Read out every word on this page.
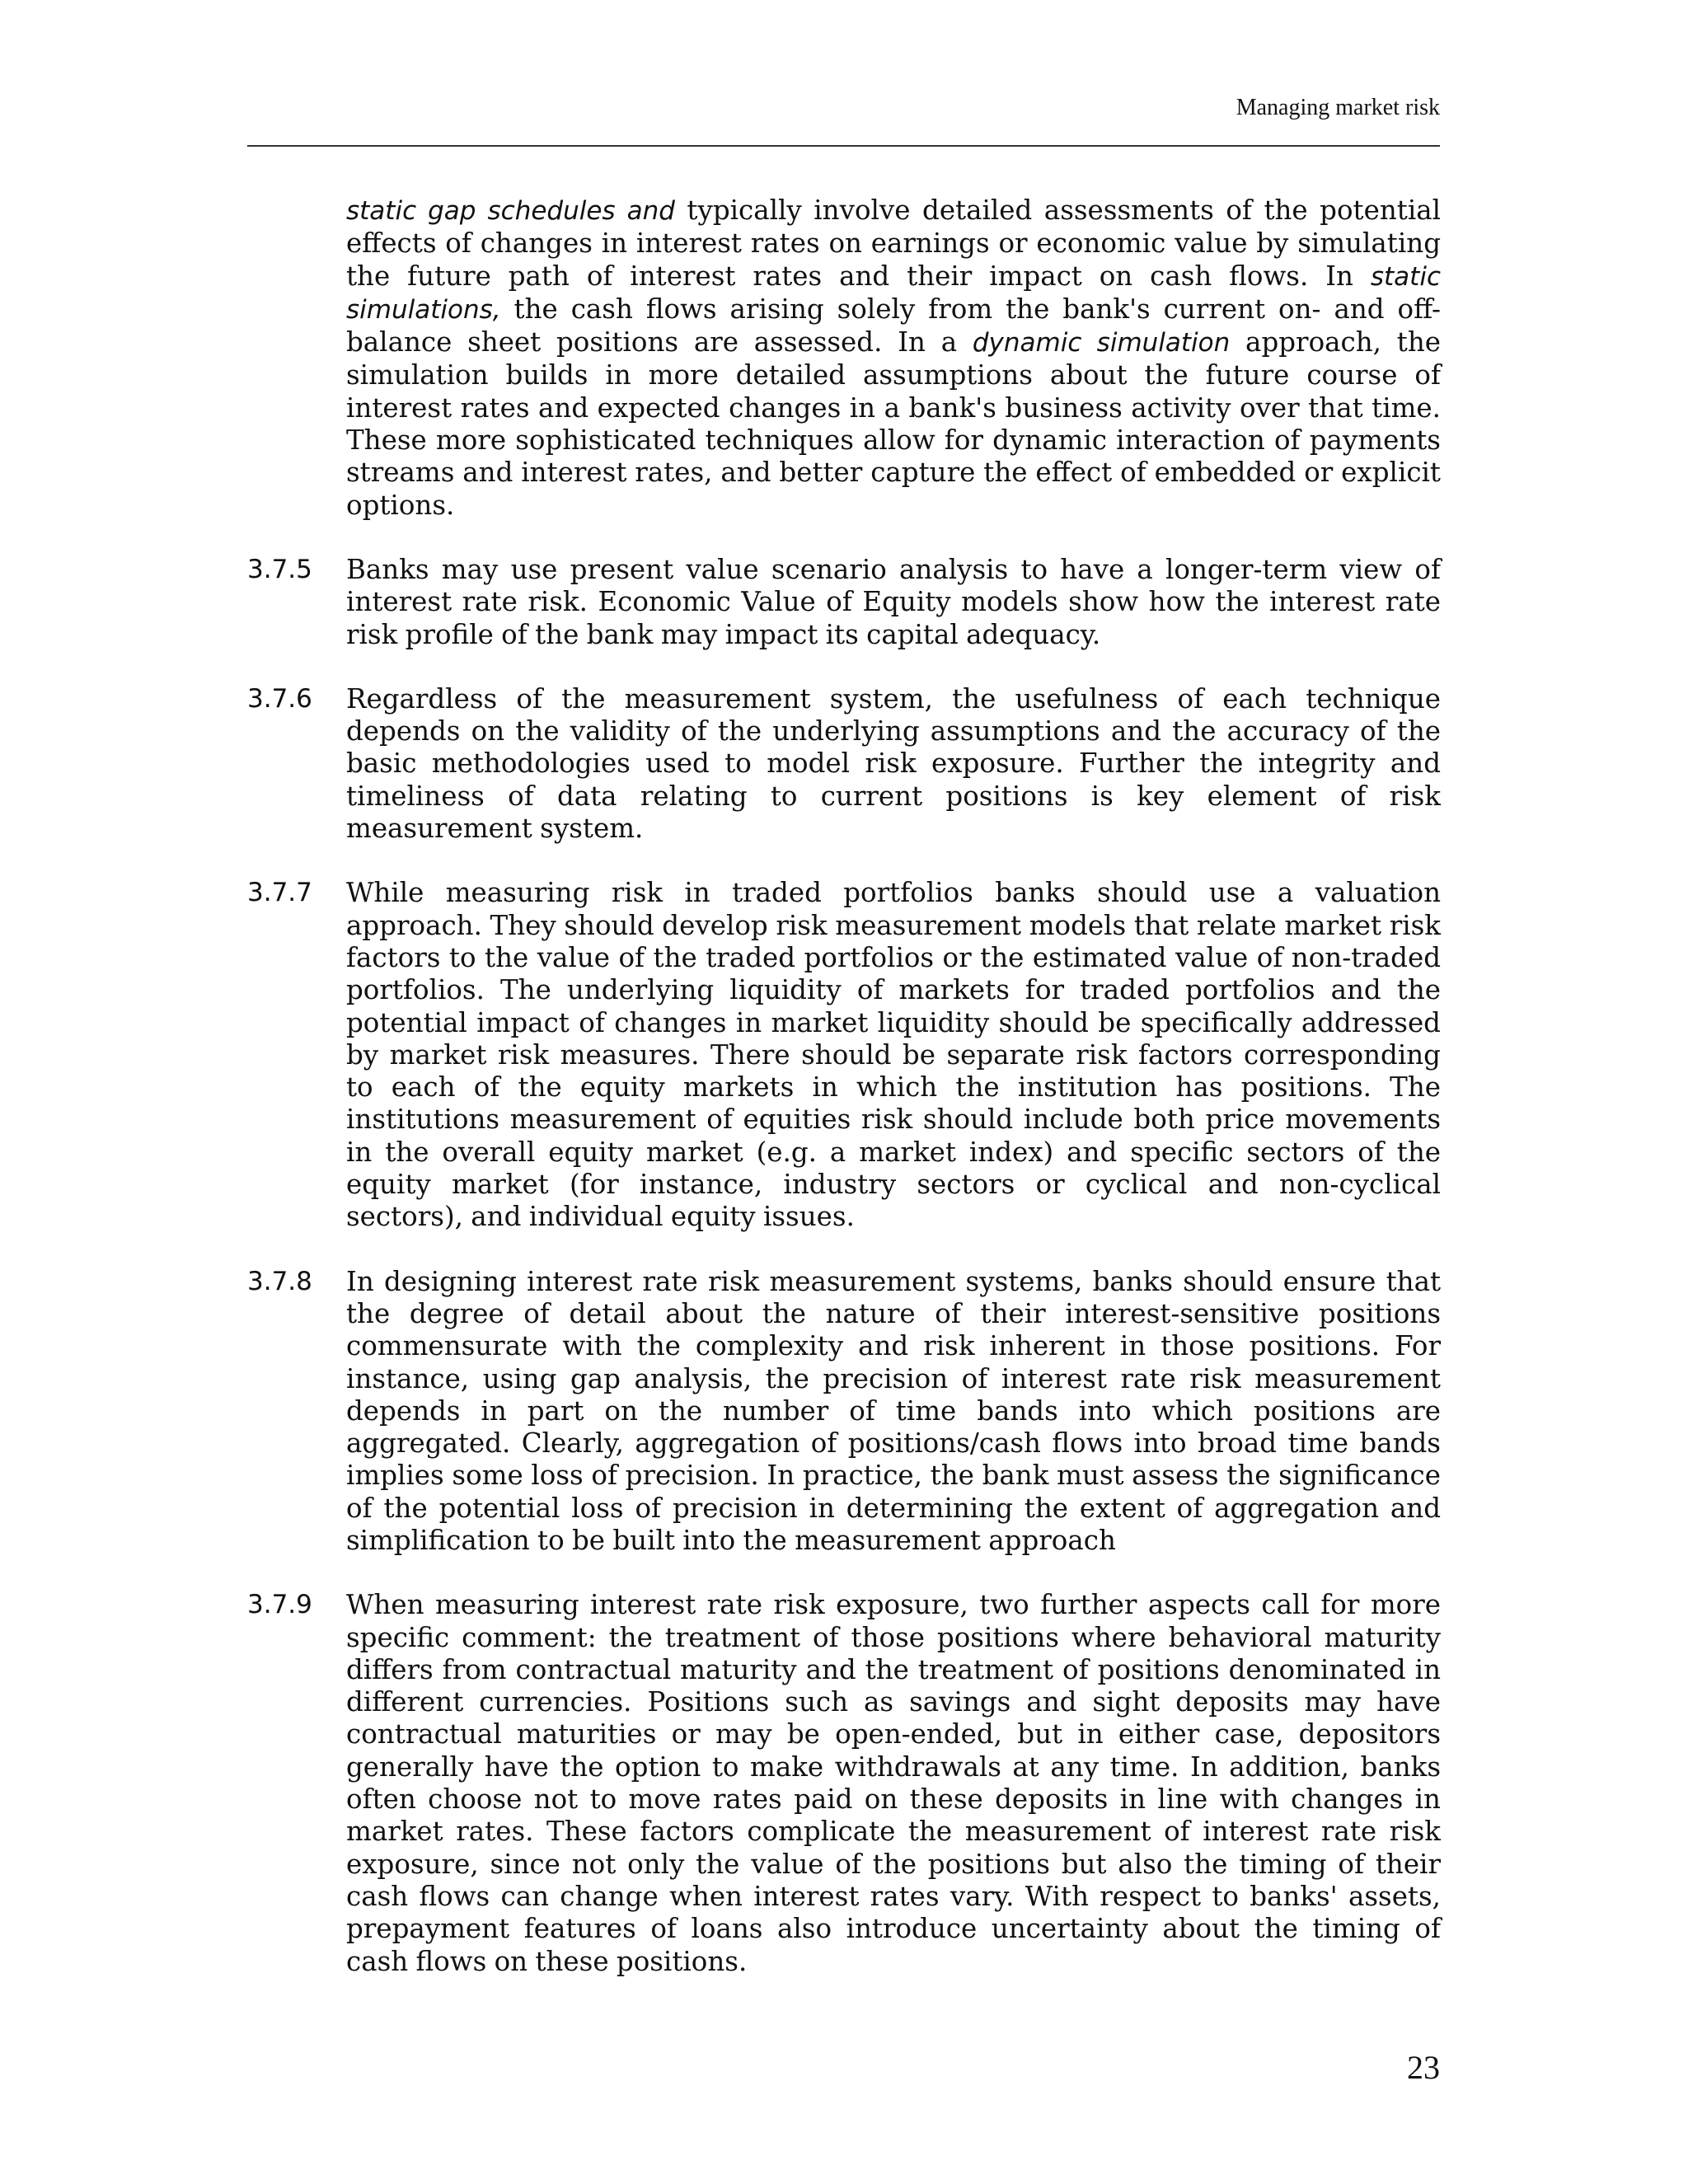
Managing market risk
static gap schedules and typically involve detailed assessments of the potential effects of changes in interest rates on earnings or economic value by simulating the future path of interest rates and their impact on cash flows. In static simulations, the cash flows arising solely from the bank's current on- and off-balance sheet positions are assessed. In a dynamic simulation approach, the simulation builds in more detailed assumptions about the future course of interest rates and expected changes in a bank's business activity over that time. These more sophisticated techniques allow for dynamic interaction of payments streams and interest rates, and better capture the effect of embedded or explicit options.
3.7.5	Banks may use present value scenario analysis to have a longer-term view of interest rate risk. Economic Value of Equity models show how the interest rate risk profile of the bank may impact its capital adequacy.
3.7.6	Regardless of the measurement system, the usefulness of each technique depends on the validity of the underlying assumptions and the accuracy of the basic methodologies used to model risk exposure. Further the integrity and timeliness of data relating to current positions is key element of risk measurement system.
3.7.7	While measuring risk in traded portfolios banks should use a valuation approach. They should develop risk measurement models that relate market risk factors to the value of the traded portfolios or the estimated value of non-traded portfolios. The underlying liquidity of markets for traded portfolios and the potential impact of changes in market liquidity should be specifically addressed by market risk measures. There should be separate risk factors corresponding to each of the equity markets in which the institution has positions. The institutions measurement of equities risk should include both price movements in the overall equity market (e.g. a market index) and specific sectors of the equity market (for instance, industry sectors or cyclical and non-cyclical sectors), and individual equity issues.
3.7.8	In designing interest rate risk measurement systems, banks should ensure that the degree of detail about the nature of their interest-sensitive positions commensurate with the complexity and risk inherent in those positions. For instance, using gap analysis, the precision of interest rate risk measurement depends in part on the number of time bands into which positions are aggregated. Clearly, aggregation of positions/cash flows into broad time bands implies some loss of precision. In practice, the bank must assess the significance of the potential loss of precision in determining the extent of aggregation and simplification to be built into the measurement approach
3.7.9	When measuring interest rate risk exposure, two further aspects call for more specific comment: the treatment of those positions where behavioral maturity differs from contractual maturity and the treatment of positions denominated in different currencies. Positions such as savings and sight deposits may have contractual maturities or may be open-ended, but in either case, depositors generally have the option to make withdrawals at any time. In addition, banks often choose not to move rates paid on these deposits in line with changes in market rates. These factors complicate the measurement of interest rate risk exposure, since not only the value of the positions but also the timing of their cash flows can change when interest rates vary. With respect to banks' assets, prepayment features of loans also introduce uncertainty about the timing of cash flows on these positions.
23
